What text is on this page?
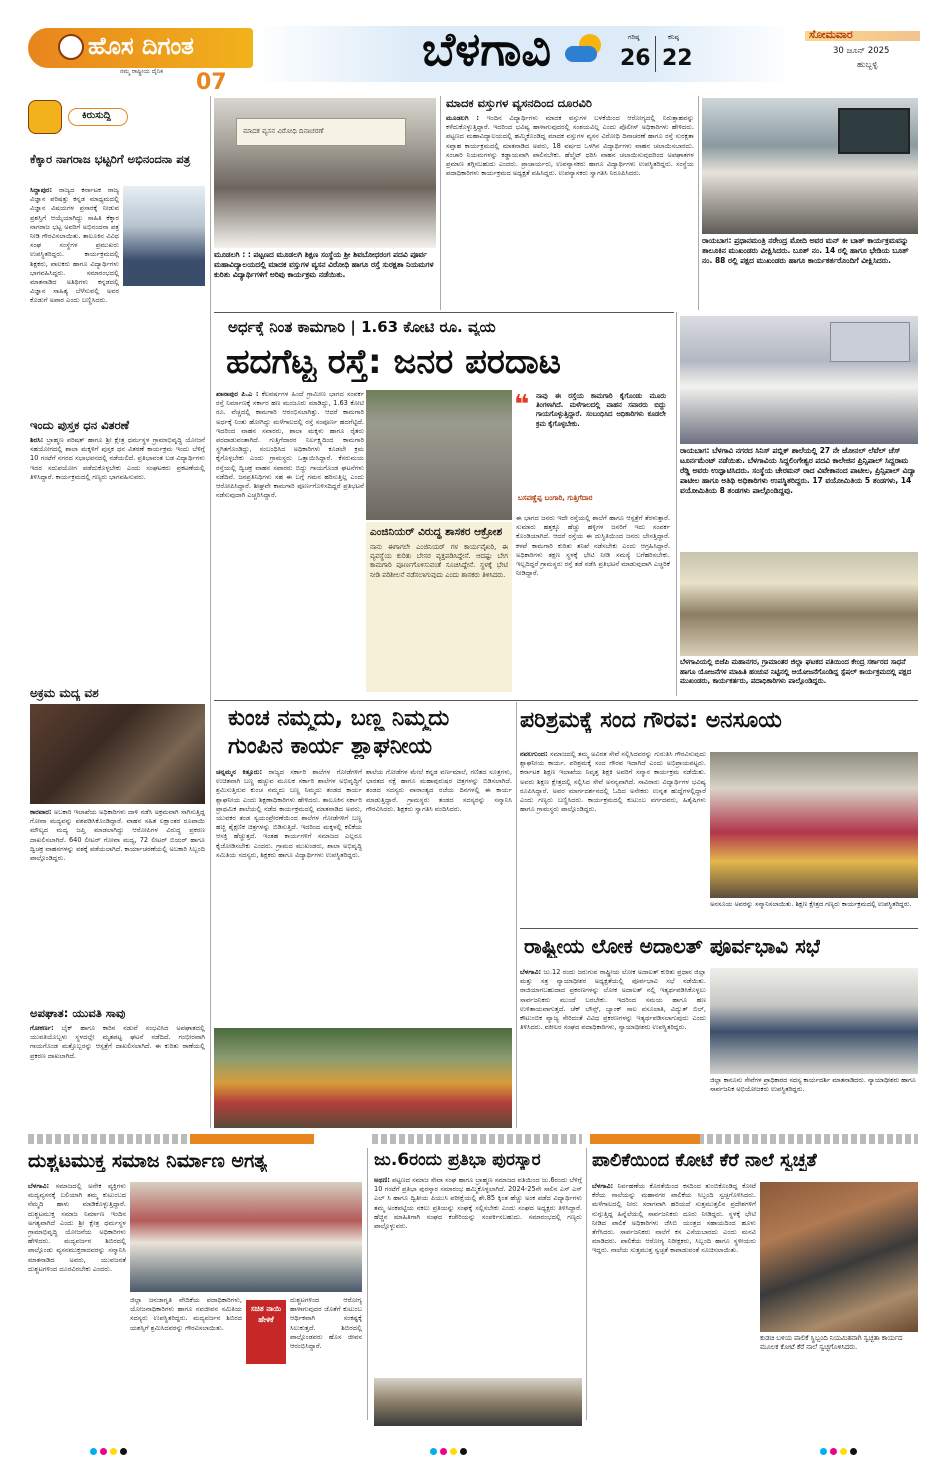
ಹೊಸ ದಿಗಂತ
ನಮ್ಮ ರಾಷ್ಟ್ರೀಯ ದೈನಿಕ 07
ಬೆಳಗಾವಿ	ಗರಿಷ್ಠ
26
ಕನಿಷ್ಠ
22
ಸೋಮವಾರ
30 ಜೂನ್ 2025
ಹುಬ್ಬಳ್ಳಿ
ಕಿರುಸುದ್ದಿ
ಕೆಕ್ಕಾರ ನಾಗರಾಜ ಭಟ್ಟರಿಗೆ ಅಭಿನಂದನಾ ಪತ್ರ
ಸಿದ್ದಾಪುರ: ರಾಜ್ಯದ ಕರ್ನಾಟಕ ರಾಜ್ಯ ವಿಜ್ಞಾನ ಪರಿಷತ್ತು ಕನ್ನಡ ಮಾಧ್ಯಮದಲ್ಲಿ ವಿಜ್ಞಾನ ವಿಷಯಗಳ ಪ್ರಸಾರಕ್ಕೆ ನೀಡುವ ಪ್ರಶಸ್ತಿಗೆ ಆಯ್ಕೆಯಾಗಿದ್ದು ಸಾಹಿತಿ ಕೆಕ್ಕಾರ ನಾಗರಾಜ ಭಟ್ಟ ಅವರಿಗೆ ಅಭಿನಂದನಾ ಪತ್ರ ನೀಡಿ ಗೌರವಿಸಲಾಯಿತು. ತಾಲೂಕಿನ ವಿವಿಧ ಸಂಘ ಸಂಸ್ಥೆಗಳ ಪ್ರಮುಖರು ಉಪಸ್ಥಿತರಿದ್ದರು. ಕಾರ್ಯಕ್ರಮದಲ್ಲಿ ಶಿಕ್ಷಕರು, ಪಾಲಕರು ಹಾಗೂ ವಿದ್ಯಾರ್ಥಿಗಳು ಭಾಗವಹಿಸಿದ್ದರು. ಸಮಾರಂಭದಲ್ಲಿ ಮಾತನಾಡಿದ ಅತಿಥಿಗಳು ಕನ್ನಡದಲ್ಲಿ ವಿಜ್ಞಾನ ಸಾಹಿತ್ಯ ಬೆಳೆಸುವಲ್ಲಿ ಅವರ ಕೊಡುಗೆ ಅಪಾರ ಎಂದು ಬಣ್ಣಿಸಿದರು.
ಇಂದು ಪುಸ್ತಕ ಧನ ವಿತರಣೆ
ಶಿರಸಿ: ಬ್ರಾಹ್ಮಣ ಪರಿಷತ್ ಹಾಗೂ ಶ್ರೀ ಕ್ಷೇತ್ರ ಧರ್ಮಸ್ಥಳ ಗ್ರಾಮಾಭಿವೃದ್ಧಿ ಯೋಜನೆ ಸಹಯೋಗದಲ್ಲಿ ಶಾಲಾ ಮಕ್ಕಳಿಗೆ ಪುಸ್ತಕ ಧನ ವಿತರಣೆ ಕಾರ್ಯಕ್ರಮ ಇಂದು ಬೆಳಿಗ್ಗೆ 10 ಗಂಟೆಗೆ ನಗರದ ಸಭಾಭವನದಲ್ಲಿ ನಡೆಯಲಿದೆ. ಪ್ರತಿಭಾವಂತ ಬಡ ವಿದ್ಯಾರ್ಥಿಗಳು ಇದರ ಸದುಪಯೋಗ ಪಡೆದುಕೊಳ್ಳಬೇಕು ಎಂದು ಸಂಘಟಕರು ಪ್ರಕಟಣೆಯಲ್ಲಿ ತಿಳಿಸಿದ್ದಾರೆ. ಕಾರ್ಯಕ್ರಮದಲ್ಲಿ ಗಣ್ಯರು ಭಾಗವಹಿಸುವರು.
ಅಕ್ರಮ ಮದ್ಯ ವಶ
ಕಾರವಾರ: ಅಬಕಾರಿ ಇಲಾಖೆಯ ಅಧಿಕಾರಿಗಳು ದಾಳಿ ನಡೆಸಿ ಅಕ್ರಮವಾಗಿ ಸಾಗಿಸುತ್ತಿದ್ದ ಗೋವಾ ಮದ್ಯವನ್ನು ವಶಪಡಿಸಿಕೊಂಡಿದ್ದಾರೆ. ವಾಹನ ಸಹಿತ ಲಕ್ಷಾಂತರ ರೂಪಾಯಿ ಮೌಲ್ಯದ ಮದ್ಯ ಜಪ್ತಿ ಮಾಡಲಾಗಿದ್ದು ಆರೋಪಿಗಳ ವಿರುದ್ಧ ಪ್ರಕರಣ ದಾಖಲಿಸಲಾಗಿದೆ. 640 ಲೀಟರ್ ಗೋವಾ ಮದ್ಯ, 72 ಲೀಟರ್ ಬಿಯರ್ ಹಾಗೂ ದ್ವಿಚಕ್ರ ವಾಹನಗಳನ್ನು ವಶಕ್ಕೆ ಪಡೆಯಲಾಗಿದೆ. ಕಾರ್ಯಾಚರಣೆಯಲ್ಲಿ ಅಬಕಾರಿ ಸಿಬ್ಬಂದಿ ಪಾಲ್ಗೊಂಡಿದ್ದರು.
ಅಪಘಾತ: ಯುವತಿ ಸಾವು
ಗೋಕರ್ಣ: ಬೈಕ್ ಹಾಗೂ ಕಾರಿನ ನಡುವೆ ಸಂಭವಿಸಿದ ಅಪಘಾತದಲ್ಲಿ ಯುವತಿಯೊಬ್ಬಳು ಸ್ಥಳದಲ್ಲೇ ಮೃತಪಟ್ಟ ಘಟನೆ ನಡೆದಿದೆ. ಗಂಭೀರವಾಗಿ ಗಾಯಗೊಂಡ ಮತ್ತೊಬ್ಬರನ್ನು ಆಸ್ಪತ್ರೆಗೆ ದಾಖಲಿಸಲಾಗಿದೆ. ಈ ಕುರಿತು ಠಾಣೆಯಲ್ಲಿ ಪ್ರಕರಣ ದಾಖಲಾಗಿದೆ.
ಮಾದಕ ವ್ಯಸನ ವಿರೋಧಿ ದಿನಾಚರಣೆ
ಮೂಡಲಗಿ : : ಪಟ್ಟಣದ ಮೂಡಲಗಿ ಶಿಕ್ಷಣ ಸಂಸ್ಥೆಯ ಶ್ರೀ ಶಿವಬೋಧರಂಗ ಪದವಿ ಪೂರ್ವ ಮಹಾವಿದ್ಯಾಲಯದಲ್ಲಿ ಮಾದಕ ವಸ್ತುಗಳ ವ್ಯಸನ ವಿರೋಧಿ ಹಾಗೂ ರಸ್ತೆ ಸುರಕ್ಷತಾ ನಿಯಮಗಳ ಕುರಿತು ವಿದ್ಯಾರ್ಥಿಗಳಿಗೆ ಅರಿವು ಕಾರ್ಯಕ್ರಮ ನಡೆಯಿತು.
ಮಾದಕ ವಸ್ತುಗಳ ವ್ಯಸನದಿಂದ ದೂರವಿರಿ
ಮೂಡಲಗಿ : ಇಂದಿನ ವಿದ್ಯಾರ್ಥಿಗಳು ಮಾದಕ ವಸ್ತುಗಳ ಬಳಕೆಯಿಂದ ಆರೋಗ್ಯದಲ್ಲಿ ನಿರುತ್ಸಾಹವನ್ನು ಕಳೆದುಕೊಳ್ಳುತ್ತಿದ್ದಾರೆ. ಇದರಿಂದ ಭವಿಷ್ಯ ಹಾಳಾಗುವುದರಲ್ಲಿ ಸಂಶಯವಿಲ್ಲ ಎಂದು ಪೊಲೀಸ್ ಅಧಿಕಾರಿಗಳು ಹೇಳಿದರು. ಪಟ್ಟಣದ ಮಹಾವಿದ್ಯಾಲಯದಲ್ಲಿ ಹಮ್ಮಿಕೊಂಡಿದ್ದ ಮಾದಕ ವಸ್ತುಗಳ ವ್ಯಸನ ವಿರೋಧಿ ದಿನಾಚರಣೆ ಹಾಗೂ ರಸ್ತೆ ಸುರಕ್ಷತಾ ಸಪ್ತಾಹ ಕಾರ್ಯಕ್ರಮದಲ್ಲಿ ಮಾತನಾಡಿದ ಅವರು, 18 ವರ್ಷದ ಒಳಗಿನ ವಿದ್ಯಾರ್ಥಿಗಳು ವಾಹನ ಚಲಾಯಿಸಬಾರದು. ಸಂಚಾರಿ ನಿಯಮಗಳನ್ನು ಕಡ್ಡಾಯವಾಗಿ ಪಾಲಿಸಬೇಕು. ಹೆಲ್ಮೆಟ್ ಧರಿಸಿ ವಾಹನ ಚಲಾಯಿಸುವುದರಿಂದ ಅಪಘಾತಗಳ ಪ್ರಮಾಣ ತಗ್ಗಿಸಬಹುದು ಎಂದರು. ಪ್ರಾಚಾರ್ಯರು, ಉಪನ್ಯಾಸಕರು ಹಾಗೂ ವಿದ್ಯಾರ್ಥಿಗಳು ಉಪಸ್ಥಿತರಿದ್ದರು. ಸಂಸ್ಥೆಯ ಪದಾಧಿಕಾರಿಗಳು ಕಾರ್ಯಕ್ರಮದ ಅಧ್ಯಕ್ಷತೆ ವಹಿಸಿದ್ದರು. ಉಪನ್ಯಾಸಕರು ಸ್ವಾಗತಿಸಿ ನಿರೂಪಿಸಿದರು.
ರಾಯಬಾಗ: ಪ್ರಧಾನಮಂತ್ರಿ ನರೇಂದ್ರ ಮೋದಿ ಅವರ ಮನ್ ಕೀ ಬಾತ್ ಕಾರ್ಯಕ್ರಮವನ್ನು ತಾಲೂಕಿನ ಮುಖಂಡರು ವೀಕ್ಷಿಸಿದರು. ಬೂತ್ ನಂ. 14 ರಲ್ಲಿ ಹಾಗೂ ಭೇಡಿಯ ಬೂತ್ ನಂ. 88 ರಲ್ಲಿ ಪಕ್ಷದ ಮುಖಂಡರು ಹಾಗೂ ಕಾರ್ಯಕರ್ತರೊಂದಿಗೆ ವೀಕ್ಷಿಸಿದರು.
ಅರ್ಧಕ್ಕೆ ನಿಂತ ಕಾಮಗಾರಿ | 1.63 ಕೋಟಿ ರೂ. ವ್ಯಯ
ಹದಗೆಟ್ಟ ರಸ್ತೆ: ಜನರ ಪರದಾಟ
ಖಾನಾಪುರ ಪಿ.ಎ : ಕೆಲವರ್ಷಗಳ ಹಿಂದೆ ಗ್ರಾಮೀಣ ಭಾಗದ ಸಂಪರ್ಕ ರಸ್ತೆ ನಿರ್ಮಾಣಕ್ಕೆ ಸರ್ಕಾರ ಹಣ ಮಂಜೂರು ಮಾಡಿದ್ದು, 1.63 ಕೋಟಿ ರೂ. ವೆಚ್ಚದಲ್ಲಿ ಕಾಮಗಾರಿ ಆರಂಭಿಸಲಾಗಿತ್ತು. ಆದರೆ ಕಾಮಗಾರಿ ಅರ್ಧಕ್ಕೆ ನಿಂತು ಹೋಗಿದ್ದು ಮಳೆಗಾಲದಲ್ಲಿ ರಸ್ತೆ ಸಂಪೂರ್ಣ ಹದಗೆಟ್ಟಿದೆ. ಇದರಿಂದ ವಾಹನ ಸವಾರರು, ಶಾಲಾ ಮಕ್ಕಳು ಹಾಗೂ ರೈತರು ಪರದಾಡುವಂತಾಗಿದೆ. ಗುತ್ತಿಗೆದಾರರ ನಿರ್ಲಕ್ಷ್ಯದಿಂದ ಕಾಮಗಾರಿ ಸ್ಥಗಿತಗೊಂಡಿದ್ದು, ಸಂಬಂಧಿಸಿದ ಅಧಿಕಾರಿಗಳು ಕೂಡಲೇ ಕ್ರಮ ಕೈಗೊಳ್ಳಬೇಕು ಎಂದು ಗ್ರಾಮಸ್ಥರು ಒತ್ತಾಯಿಸಿದ್ದಾರೆ. ಕೆಸರುಮಯ ರಸ್ತೆಯಲ್ಲಿ ದ್ವಿಚಕ್ರ ವಾಹನ ಸವಾರರು ಬಿದ್ದು ಗಾಯಗೊಂಡ ಘಟನೆಗಳು ನಡೆದಿವೆ. ಜನಪ್ರತಿನಿಧಿಗಳು ಸಹ ಈ ಬಗ್ಗೆ ಗಮನ ಹರಿಸುತ್ತಿಲ್ಲ ಎಂದು ಆರೋಪಿಸಿದ್ದಾರೆ. ಶೀಘ್ರವೇ ಕಾಮಗಾರಿ ಪೂರ್ಣಗೊಳಿಸದಿದ್ದರೆ ಪ್ರತಿಭಟನೆ ನಡೆಸುವುದಾಗಿ ಎಚ್ಚರಿಸಿದ್ದಾರೆ.
ಎಂಜಿನಿಯರ್ ವಿರುದ್ಧ ಶಾಸಕರ ಆಕ್ರೋಶ
ನಾನು ಈಗಾಗಲೇ ಎಂಜಿನಿಯರ್ ಗಳ ಕಾರ್ಯವೈಖರಿ, ಈ ವ್ಯವಸ್ಥೆಯ ಕುರಿತು ಬೇಸರ ವ್ಯಕ್ತಪಡಿಸಿದ್ದೇನೆ. ಆದಷ್ಟು ಬೇಗ ಕಾಮಗಾರಿ ಪೂರ್ಣಗೊಳಿಸುವಂತೆ ಸೂಚಿಸಿದ್ದೇನೆ. ಸ್ಥಳಕ್ಕೆ ಭೇಟಿ ನೀಡಿ ಪರಿಶೀಲನೆ ನಡೆಸಲಾಗುವುದು ಎಂದು ಶಾಸಕರು ತಿಳಿಸಿದರು.
❝ ನಾವು ಈ ರಸ್ತೆಯ ಕಾಮಗಾರಿ ಕೈಗೊಂಡು ಮೂರು ತಿಂಗಳಾಗಿದೆ. ಮಳೆಗಾಲದಲ್ಲಿ ವಾಹನ ಸವಾರರು ಬಿದ್ದು ಗಾಯಗೊಳ್ಳುತ್ತಿದ್ದಾರೆ. ಸಂಬಂಧಿಸಿದ ಅಧಿಕಾರಿಗಳು ಕೂಡಲೇ ಕ್ರಮ ಕೈಗೊಳ್ಳಬೇಕು.
ಬಸವಣ್ಣೆಪ್ಪ ಬಂಗಾರಿ, ಗುತ್ತಿಗೆದಾರ
ಈ ಭಾಗದ ಜನರು ಇದೇ ರಸ್ತೆಯಲ್ಲಿ ಶಾಲೆಗೆ ಹಾಗೂ ಆಸ್ಪತ್ರೆಗೆ ತೆರಳುತ್ತಾರೆ. ಸುಮಾರು ಹತ್ತಕ್ಕೂ ಹೆಚ್ಚು ಹಳ್ಳಿಗಳ ಜನರಿಗೆ ಇದು ಸಂಪರ್ಕ ಕೊಂಡಿಯಾಗಿದೆ. ಆದರೆ ರಸ್ತೆಯ ಈ ದುಸ್ಥಿತಿಯಿಂದ ಜನರು ಬೇಸತ್ತಿದ್ದಾರೆ. ಕಳಪೆ ಕಾಮಗಾರಿ ಕುರಿತು ತನಿಖೆ ನಡೆಸಬೇಕು ಎಂದು ಆಗ್ರಹಿಸಿದ್ದಾರೆ. ಅಧಿಕಾರಿಗಳು ತಕ್ಷಣ ಸ್ಥಳಕ್ಕೆ ಭೇಟಿ ನೀಡಿ ಸಮಸ್ಯೆ ಬಗೆಹರಿಸಬೇಕು. ಇಲ್ಲದಿದ್ದರೆ ಗ್ರಾಮಸ್ಥರು ರಸ್ತೆ ತಡೆ ನಡೆಸಿ ಪ್ರತಿಭಟನೆ ಮಾಡುವುದಾಗಿ ಎಚ್ಚರಿಕೆ ನೀಡಿದ್ದಾರೆ.
ರಾಯಬಾಗ: ಬೆಳಗಾವಿ ನಗರದ ಸಿನಿಸ್ ಪಬ್ಲಿಕ್ ಶಾಲೆಯಲ್ಲಿ 27 ನೇ ಜೋನಲ್ ಲೆವೆಲ್ ಚೆಸ್ ಟೂರ್ನಮೆಂಟ್ ನಡೆಯಿತು. ಬೆಳಗಾವಿಯ ಸಿದ್ದಲಿಂಗೇಶ್ವರ ಪದವಿ ಕಾಲೇಜಿನ ಪ್ರಿನ್ಸಿಪಾಲ್ ಸಿದ್ದರಾಮ ರೆಡ್ಡಿ ಅವರು ಉದ್ಘಾಟಿಸಿದರು. ಸಂಸ್ಥೆಯ ಚೇರಮನ್ ರಾದ ವಿವೇಕಾನಂದ ಪಾಟೀಲ, ಪ್ರಿನ್ಸಿಪಾಲ್ ವಿದ್ಯಾ ಪಾಟೀಲ ಹಾಗೂ ಅತಿಥಿ ಅಧಿಕಾರಿಗಳು ಉಪಸ್ಥಿತರಿದ್ದರು. 17 ವಯೋಮಿತಿಯ 5 ತಂಡಗಳು, 14 ವಯೋಮಿತಿಯ 8 ತಂಡಗಳು ಪಾಲ್ಗೊಂಡಿದ್ದವು.
ಬೆಳಗಾವಿಯಲ್ಲಿ ಬಿಜೆಪಿ ಮಹಾನಗರ, ಗ್ರಾಮಾಂತರ ಜಿಲ್ಲಾ ಘಟಕದ ವತಿಯಿಂದ ಕೇಂದ್ರ ಸರ್ಕಾರದ ಸಾಧನೆ ಹಾಗೂ ಯೋಜನೆಗಳ ಮಾಹಿತಿ ಹಂಚುವ ನಿಟ್ಟಿನಲ್ಲಿ ಆಯೋಜನೆಗೊಂಡಿದ್ದ ಸ್ಪೆಷಲ್ ಕಾರ್ಯಕ್ರಮದಲ್ಲಿ ಪಕ್ಷದ ಮುಖಂಡರು, ಕಾರ್ಯಕರ್ತರು, ಪದಾಧಿಕಾರಿಗಳು ಪಾಲ್ಗೊಂಡಿದ್ದರು.
ಕುಂಚ ನಮ್ಮದು, ಬಣ್ಣ ನಿಮ್ಮದು
ಗುಂಪಿನ ಕಾರ್ಯ ಶ್ಲಾಘನೀಯ
ಚನ್ನಮ್ಮನ ಕಿತ್ತೂರು: ರಾಜ್ಯದ ಸರ್ಕಾರಿ ಶಾಲೆಗಳ ಗೋಡೆಗಳಿಗೆ ಉಚಿತವಾಗಿ ಬಣ್ಣ ಹಚ್ಚುವ ಮೂಲಕ ಸರ್ಕಾರಿ ಶಾಲೆಗಳ ಅಭಿವೃದ್ಧಿಗೆ ಶ್ರಮಿಸುತ್ತಿರುವ ಕುಂಚ ನಮ್ಮದು ಬಣ್ಣ ನಿಮ್ಮದು ತಂಡದ ಕಾರ್ಯ ಶ್ಲಾಘನೀಯ ಎಂದು ಶಿಕ್ಷಣಾಧಿಕಾರಿಗಳು ಹೇಳಿದರು. ತಾಲೂಕಿನ ಸರ್ಕಾರಿ ಪ್ರಾಥಮಿಕ ಶಾಲೆಯಲ್ಲಿ ನಡೆದ ಕಾರ್ಯಕ್ರಮದಲ್ಲಿ ಮಾತನಾಡಿದ ಅವರು, ಯುವಕರ ತಂಡ ಸ್ವಯಂಪ್ರೇರಣೆಯಿಂದ ಶಾಲೆಗಳ ಗೋಡೆಗಳಿಗೆ ಬಣ್ಣ ಹಚ್ಚಿ ಶೈಕ್ಷಣಿಕ ಚಿತ್ರಗಳನ್ನು ಬಿಡಿಸುತ್ತಿದೆ. ಇದರಿಂದ ಮಕ್ಕಳಲ್ಲಿ ಕಲಿಕೆಯ ಆಸಕ್ತಿ ಹೆಚ್ಚುತ್ತದೆ. ಇಂತಹ ಕಾರ್ಯಗಳಿಗೆ ಸಮಾಜದ ಎಲ್ಲರೂ ಕೈಜೋಡಿಸಬೇಕು ಎಂದರು. ಗ್ರಾಮದ ಮುಖಂಡರು, ಶಾಲಾ ಅಭಿವೃದ್ಧಿ ಸಮಿತಿಯ ಸದಸ್ಯರು, ಶಿಕ್ಷಕರು ಹಾಗೂ ವಿದ್ಯಾರ್ಥಿಗಳು ಉಪಸ್ಥಿತರಿದ್ದರು.
ಶಾಲೆಯ ಗೋಡೆಗಳ ಮೇಲೆ ಕನ್ನಡ ವರ್ಣಮಾಲೆ, ಗಣಿತದ ಸೂತ್ರಗಳು, ಭಾರತದ ನಕ್ಷೆ ಹಾಗೂ ಮಹಾಪುರುಷರ ಚಿತ್ರಗಳನ್ನು ಬಿಡಿಸಲಾಗಿದೆ. ತಂಡದ ಸದಸ್ಯರು ವಾರಾಂತ್ಯದ ರಜೆಯ ದಿನಗಳಲ್ಲಿ ಈ ಕಾರ್ಯ ಮಾಡುತ್ತಿದ್ದಾರೆ. ಗ್ರಾಮಸ್ಥರು ತಂಡದ ಸದಸ್ಯರನ್ನು ಸನ್ಮಾನಿಸಿ ಗೌರವಿಸಿದರು. ಶಿಕ್ಷಕರು ಸ್ವಾಗತಿಸಿ ವಂದಿಸಿದರು.
ಪರಿಶ್ರಮಕ್ಕೆ ಸಂದ ಗೌರವ: ಅನಸೂಯ
ನವಲಗುಂದ: ಸಮಾಜದಲ್ಲಿ ತಮ್ಮ ಅವಿರತ ಸೇವೆ ಸಲ್ಲಿಸಿದವರನ್ನು ಗುರುತಿಸಿ ಗೌರವಿಸುವುದು ಶ್ಲಾಘನೀಯ ಕಾರ್ಯ. ಪರಿಶ್ರಮಕ್ಕೆ ಸಂದ ಗೌರವ ಇದಾಗಿದೆ ಎಂದು ಅಭಿಪ್ರಾಯಪಟ್ಟರು. ಕರ್ನಾಟಕ ಶಿಕ್ಷಣ ಇಲಾಖೆಯ ನಿವೃತ್ತ ಶಿಕ್ಷಕಿ ಅವರಿಗೆ ಸನ್ಮಾನ ಕಾರ್ಯಕ್ರಮ ನಡೆಯಿತು. ಅವರು ಶಿಕ್ಷಣ ಕ್ಷೇತ್ರದಲ್ಲಿ ಸಲ್ಲಿಸಿದ ಸೇವೆ ಅನನ್ಯವಾಗಿದೆ. ಸಾವಿರಾರು ವಿದ್ಯಾರ್ಥಿಗಳ ಭವಿಷ್ಯ ರೂಪಿಸಿದ್ದಾರೆ. ಅವರ ಮಾರ್ಗದರ್ಶನದಲ್ಲಿ ಓದಿದ ಅನೇಕರು ಉನ್ನತ ಹುದ್ದೆಗಳಲ್ಲಿದ್ದಾರೆ ಎಂದು ಗಣ್ಯರು ಬಣ್ಣಿಸಿದರು. ಕಾರ್ಯಕ್ರಮದಲ್ಲಿ ಕುಟುಂಬ ವರ್ಗದವರು, ಹಿತೈಷಿಗಳು ಹಾಗೂ ಗ್ರಾಮಸ್ಥರು ಪಾಲ್ಗೊಂಡಿದ್ದರು.
ಅನಸೂಯ ಅವರನ್ನು ಸನ್ಮಾನಿಸಲಾಯಿತು. ಶಿಕ್ಷಣ ಕ್ಷೇತ್ರದ ಗಣ್ಯರು ಕಾರ್ಯಕ್ರಮದಲ್ಲಿ ಉಪಸ್ಥಿತರಿದ್ದರು.
ರಾಷ್ಟ್ರೀಯ ಲೋಕ ಅದಾಲತ್ ಪೂರ್ವಭಾವಿ ಸಭೆ
ಬೆಳಗಾವಿ: ಜು.12 ರಂದು ಜರುಗುವ ರಾಷ್ಟ್ರೀಯ ಲೋಕ ಅದಾಲತ್ ಕುರಿತು ಪ್ರಧಾನ ಜಿಲ್ಲಾ ಮತ್ತು ಸತ್ರ ನ್ಯಾಯಾಧೀಶರ ಅಧ್ಯಕ್ಷತೆಯಲ್ಲಿ ಪೂರ್ವಭಾವಿ ಸಭೆ ನಡೆಯಿತು. ರಾಜಿಯಾಗಬಹುದಾದ ಪ್ರಕರಣಗಳನ್ನು ಲೋಕ ಅದಾಲತ್ ನಲ್ಲಿ ಇತ್ಯರ್ಥಪಡಿಸಿಕೊಳ್ಳಲು ಸಾರ್ವಜನಿಕರು ಮುಂದೆ ಬರಬೇಕು. ಇದರಿಂದ ಸಮಯ ಹಾಗೂ ಹಣ ಉಳಿತಾಯವಾಗುತ್ತದೆ. ಚೆಕ್ ಬೌನ್ಸ್, ಬ್ಯಾಂಕ್ ಸಾಲ ವಸೂಲಾತಿ, ವಿದ್ಯುತ್ ಬಿಲ್, ಕೌಟುಂಬಿಕ ವ್ಯಾಜ್ಯ ಸೇರಿದಂತೆ ವಿವಿಧ ಪ್ರಕರಣಗಳನ್ನು ಇತ್ಯರ್ಥಪಡಿಸಲಾಗುವುದು ಎಂದು ತಿಳಿಸಿದರು. ವಕೀಲರ ಸಂಘದ ಪದಾಧಿಕಾರಿಗಳು, ನ್ಯಾಯಾಧೀಶರು ಉಪಸ್ಥಿತರಿದ್ದರು.
ಜಿಲ್ಲಾ ಕಾನೂನು ಸೇವೆಗಳ ಪ್ರಾಧಿಕಾರದ ಸದಸ್ಯ ಕಾರ್ಯದರ್ಶಿ ಮಾತನಾಡಿದರು. ನ್ಯಾಯಾಧೀಶರು ಹಾಗೂ ಸಾರ್ವಜನಿಕ ಅಭಿಯೋಜಕರು ಉಪಸ್ಥಿತರಿದ್ದರು.
ದುಶ್ಚಟಮುಕ್ತ ಸಮಾಜ ನಿರ್ಮಾಣ ಅಗತ್ಯ
ಬೆಳಗಾವಿ: ಸಮಾಜದಲ್ಲಿ ಅನೇಕ ವ್ಯಕ್ತಿಗಳು ಮದ್ಯವ್ಯಸನಕ್ಕೆ ಬಲಿಯಾಗಿ ತಮ್ಮ ಕುಟುಂಬದ ನೆಮ್ಮದಿ ಹಾಳು ಮಾಡಿಕೊಳ್ಳುತ್ತಿದ್ದಾರೆ. ದುಶ್ಚಟಮುಕ್ತ ಸಮಾಜ ನಿರ್ಮಾಣ ಇಂದಿನ ಅಗತ್ಯವಾಗಿದೆ ಎಂದು ಶ್ರೀ ಕ್ಷೇತ್ರ ಧರ್ಮಸ್ಥಳ ಗ್ರಾಮಾಭಿವೃದ್ಧಿ ಯೋಜನೆಯ ಅಧಿಕಾರಿಗಳು ಹೇಳಿದರು. ಮದ್ಯವರ್ಜನ ಶಿಬಿರದಲ್ಲಿ ಪಾಲ್ಗೊಂಡು ವ್ಯಸನಮುಕ್ತರಾದವರನ್ನು ಸನ್ಮಾನಿಸಿ ಮಾತನಾಡಿದ ಅವರು, ಯುವಜನತೆ ದುಶ್ಚಟಗಳಿಂದ ದೂರವಿರಬೇಕು ಎಂದರು.
ಜಿಲ್ಲಾ ಜನಜಾಗೃತಿ ವೇದಿಕೆಯ ಪದಾಧಿಕಾರಿಗಳು, ಯೋಜನಾಧಿಕಾರಿಗಳು ಹಾಗೂ ನವಜೀವನ ಸಮಿತಿಯ ಸದಸ್ಯರು ಉಪಸ್ಥಿತರಿದ್ದರು. ಮದ್ಯವರ್ಜನ ಶಿಬಿರದ ಯಶಸ್ಸಿಗೆ ಶ್ರಮಿಸಿದವರನ್ನು ಗೌರವಿಸಲಾಯಿತು.
ಸಚಿತ ನಾಯಿ ಹೇಳಿಕೆ
ದುಶ್ಚಟಗಳಿಂದ ಆರೋಗ್ಯ ಹಾಳಾಗುವುದರ ಜೊತೆಗೆ ಕುಟುಂಬ ಆರ್ಥಿಕವಾಗಿ ಸಂಕಷ್ಟಕ್ಕೆ ಸಿಲುಕುತ್ತದೆ. ಶಿಬಿರದಲ್ಲಿ ಪಾಲ್ಗೊಂಡವರು ಹೊಸ ಜೀವನ ಆರಂಭಿಸಿದ್ದಾರೆ.
ಜು.6ರಂದು ಪ್ರತಿಭಾ ಪುರಸ್ಕಾರ
ಅಥಣಿ: ಪಟ್ಟಣದ ಸಮಾಜ ಸೇವಾ ಸಂಘ ಹಾಗೂ ಬ್ರಾಹ್ಮಣ ಸಮಾಜದ ವತಿಯಿಂದ ಜು.6ರಂದು ಬೆಳಿಗ್ಗೆ 10 ಗಂಟೆಗೆ ಪ್ರತಿಭಾ ಪುರಸ್ಕಾರ ಸಮಾರಂಭ ಹಮ್ಮಿಕೊಳ್ಳಲಾಗಿದೆ. 2024-25ನೇ ಸಾಲಿನ ಎಸ್ ಎಸ್ ಎಲ್ ಸಿ ಹಾಗೂ ದ್ವಿತೀಯ ಪಿಯುಸಿ ಪರೀಕ್ಷೆಯಲ್ಲಿ ಶೇ.85 ಕ್ಕಿಂತ ಹೆಚ್ಚು ಅಂಕ ಪಡೆದ ವಿದ್ಯಾರ್ಥಿಗಳು ತಮ್ಮ ಅಂಕಪಟ್ಟಿಯ ನಕಲು ಪ್ರತಿಯನ್ನು ಸಂಘಕ್ಕೆ ಸಲ್ಲಿಸಬೇಕು ಎಂದು ಸಂಘದ ಅಧ್ಯಕ್ಷರು ತಿಳಿಸಿದ್ದಾರೆ. ಹೆಚ್ಚಿನ ಮಾಹಿತಿಗಾಗಿ ಸಂಘದ ಕಚೇರಿಯನ್ನು ಸಂಪರ್ಕಿಸಬಹುದು. ಸಮಾರಂಭದಲ್ಲಿ ಗಣ್ಯರು ಪಾಲ್ಗೊಳ್ಳುವರು.
ಪಾಲಿಕೆಯಿಂದ ಕೋಟೆ ಕೆರೆ ನಾಲೆ ಸ್ವಚ್ಛತೆ
ಬೆಳಗಾವಿ: ನಿರ್ವಹಣೆಯ ಕೊರತೆಯಿಂದ ಕಸದಿಂದ ತುಂಬಿಕೊಂಡಿದ್ದ ಕೋಟೆ ಕೆರೆಯ ನಾಲೆಯನ್ನು ಮಹಾನಗರ ಪಾಲಿಕೆಯ ಸಿಬ್ಬಂದಿ ಸ್ವಚ್ಛಗೊಳಿಸಿದರು. ಮಳೆಗಾಲದಲ್ಲಿ ನೀರು ಸರಾಗವಾಗಿ ಹರಿಯದೆ ಸುತ್ತಮುತ್ತಲಿನ ಪ್ರದೇಶಗಳಿಗೆ ನುಗ್ಗುತ್ತಿದ್ದ ಹಿನ್ನೆಲೆಯಲ್ಲಿ ಸಾರ್ವಜನಿಕರು ದೂರು ನೀಡಿದ್ದರು. ಸ್ಥಳಕ್ಕೆ ಭೇಟಿ ನೀಡಿದ ಪಾಲಿಕೆ ಅಧಿಕಾರಿಗಳು ಜೆಸಿಬಿ ಯಂತ್ರದ ಸಹಾಯದಿಂದ ಹೂಳು ತೆಗೆಸಿದರು. ಸಾರ್ವಜನಿಕರು ನಾಲೆಗೆ ಕಸ ಎಸೆಯಬಾರದು ಎಂದು ಮನವಿ ಮಾಡಿದರು. ಪಾಲಿಕೆಯ ಆರೋಗ್ಯ ನಿರೀಕ್ಷಕರು, ಸಿಬ್ಬಂದಿ ಹಾಗೂ ಸ್ಥಳೀಯರು ಇದ್ದರು. ನಾಲೆಯ ಸುತ್ತಮುತ್ತ ಸ್ವಚ್ಛತೆ ಕಾಪಾಡುವಂತೆ ಸೂಚಿಸಲಾಯಿತು.
ಕುಡಚಿ ಬಳಿಯ ಪಾಲಿಕೆ ಸ್ಥಿಬ್ಬಂದಿ ನಿಯಮಿತವಾಗಿ ಸ್ವಚ್ಛತಾ ಕಾರ್ಯದ ಮೂಲಕ ಕೋಟೆ ಕೆರೆ ನಾಲೆ ಸ್ವಚ್ಛಗೊಳಿಸಿದರು.
